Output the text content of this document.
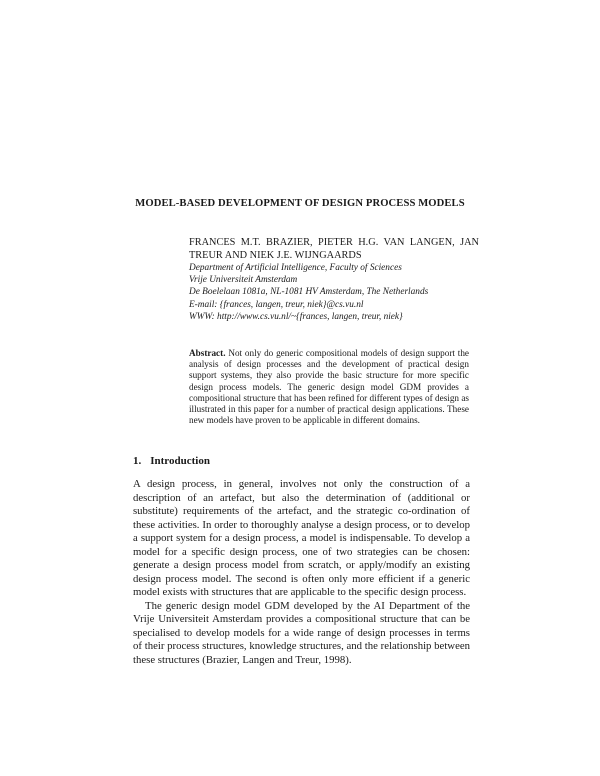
MODEL-BASED DEVELOPMENT OF DESIGN PROCESS MODELS
FRANCES M.T. BRAZIER, PIETER H.G. VAN LANGEN, JAN TREUR AND NIEK J.E. WIJNGAARDS
Department of Artificial Intelligence, Faculty of Sciences
Vrije Universiteit Amsterdam
De Boelelaan 1081a, NL-1081 HV Amsterdam, The Netherlands
E-mail: {frances, langen, treur, niek}@cs.vu.nl
WWW: http://www.cs.vu.nl/~{frances, langen, treur, niek}
Abstract. Not only do generic compositional models of design support the analysis of design processes and the development of practical design support systems, they also provide the basic structure for more specific design process models. The generic design model GDM provides a compositional structure that has been refined for different types of design as illustrated in this paper for a number of practical design applications. These new models have proven to be applicable in different domains.
1. Introduction

A design process, in general, involves not only the construction of a description of an artefact, but also the determination of (additional or substitute) requirements of the artefact, and the strategic co-ordination of these activities. In order to thoroughly analyse a design process, or to develop a support system for a design process, a model is indispensable. To develop a model for a specific design process, one of two strategies can be chosen: generate a design process model from scratch, or apply/modify an existing design process model. The second is often only more efficient if a generic model exists with structures that are applicable to the specific design process.

The generic design model GDM developed by the AI Department of the Vrije Universiteit Amsterdam provides a compositional structure that can be specialised to develop models for a wide range of design processes in terms of their process structures, knowledge structures, and the relationship between these structures (Brazier, Langen and Treur, 1998).
